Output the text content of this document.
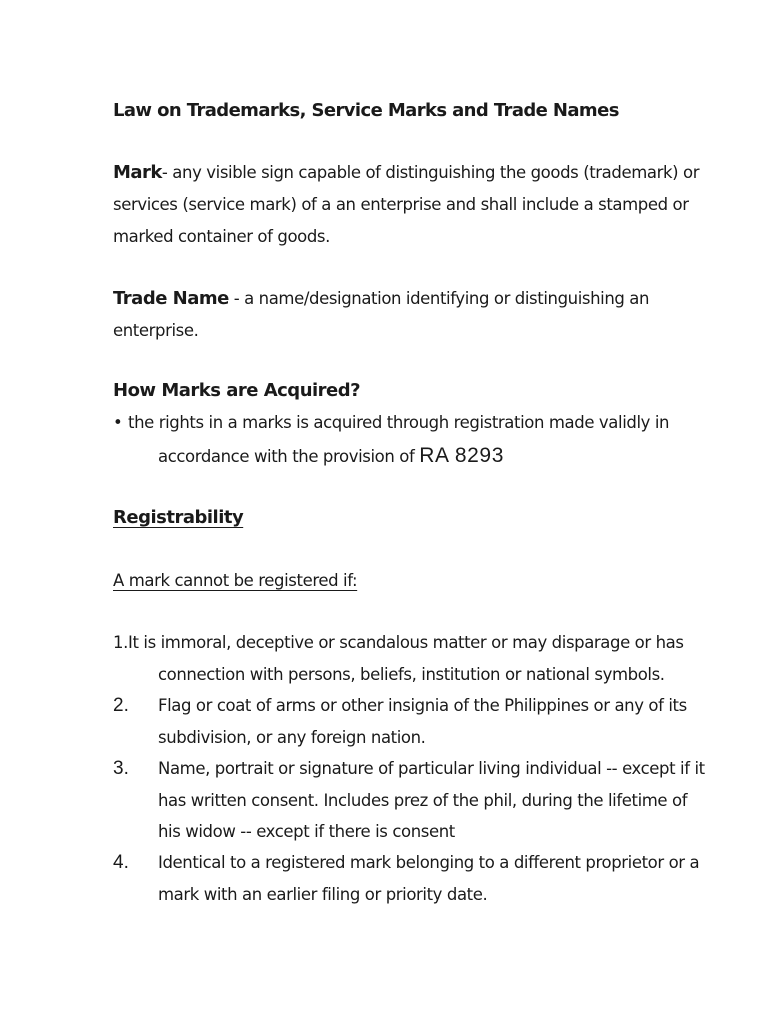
Law on Trademarks, Service Marks and Trade Names
Mark- any visible sign capable of distinguishing the goods (trademark) or
services (service mark) of a an enterprise and shall include a stamped or
marked container of goods.
Trade Name - a name/designation identifying or distinguishing an
enterprise.
How Marks are Acquired?
• the rights in a marks is acquired through registration made validly in
accordance with the provision of RA 8293
Registrability
A mark cannot be registered if:
1. It is immoral, deceptive or scandalous matter or may disparage or has
connection with persons, beliefs, institution or national symbols.
2. Flag or coat of arms or other insignia of the Philippines or any of its
subdivision, or any foreign nation.
3. Name, portrait or signature of particular living individual -- except if it
has written consent. Includes prez of the phil, during the lifetime of
his widow -- except if there is consent
4. Identical to a registered mark belonging to a different proprietor or a
mark with an earlier filing or priority date.
